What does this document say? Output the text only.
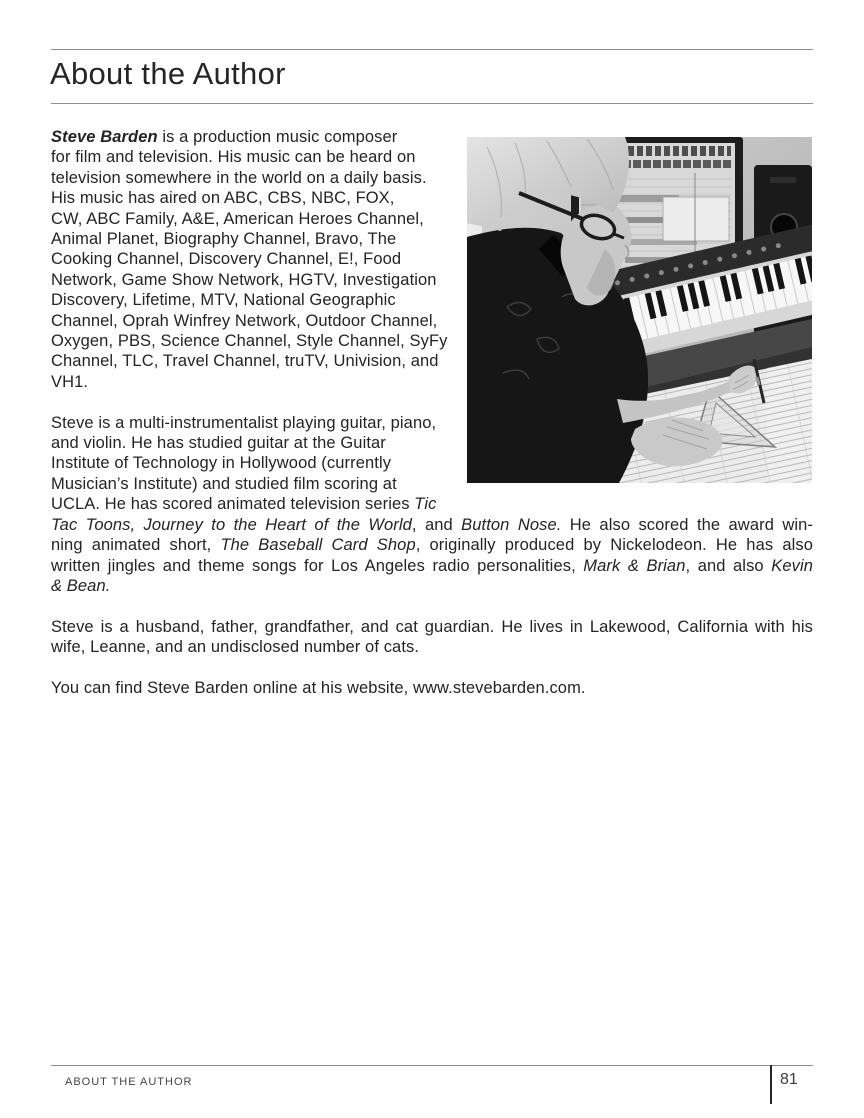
About the Author
Steve Barden is a production music composer
for film and television. His music can be heard on
television somewhere in the world on a daily basis.
His music has aired on ABC, CBS, NBC, FOX,
CW, ABC Family, A&E, American Heroes Channel,
Animal Planet, Biography Channel, Bravo, The
Cooking Channel, Discovery Channel, E!, Food
Network, Game Show Network, HGTV, Investigation
Discovery, Lifetime, MTV, National Geographic
Channel, Oprah Winfrey Network, Outdoor Channel,
Oxygen, PBS, Science Channel, Style Channel, SyFy
Channel, TLC, Travel Channel, truTV, Univision, and
VH1.
Steve is a multi-instrumentalist playing guitar, piano,
and violin. He has studied guitar at the Guitar
Institute of Technology in Hollywood (currently
Musician’s Institute) and studied film scoring at
UCLA. He has scored animated television series Tic
Tac Toons, Journey to the Heart of the World, and Button Nose. He also scored the award win-
ning animated short, The Baseball Card Shop, originally produced by Nickelodeon. He has also
written jingles and theme songs for Los Angeles radio personalities, Mark & Brian, and also Kevin
& Bean.
Steve is a husband, father, grandfather, and cat guardian. He lives in Lakewood, California with his
wife, Leanne, and an undisclosed number of cats.
You can find Steve Barden online at his website, www.stevebarden.com.
ABOUT THE AUTHOR	81
